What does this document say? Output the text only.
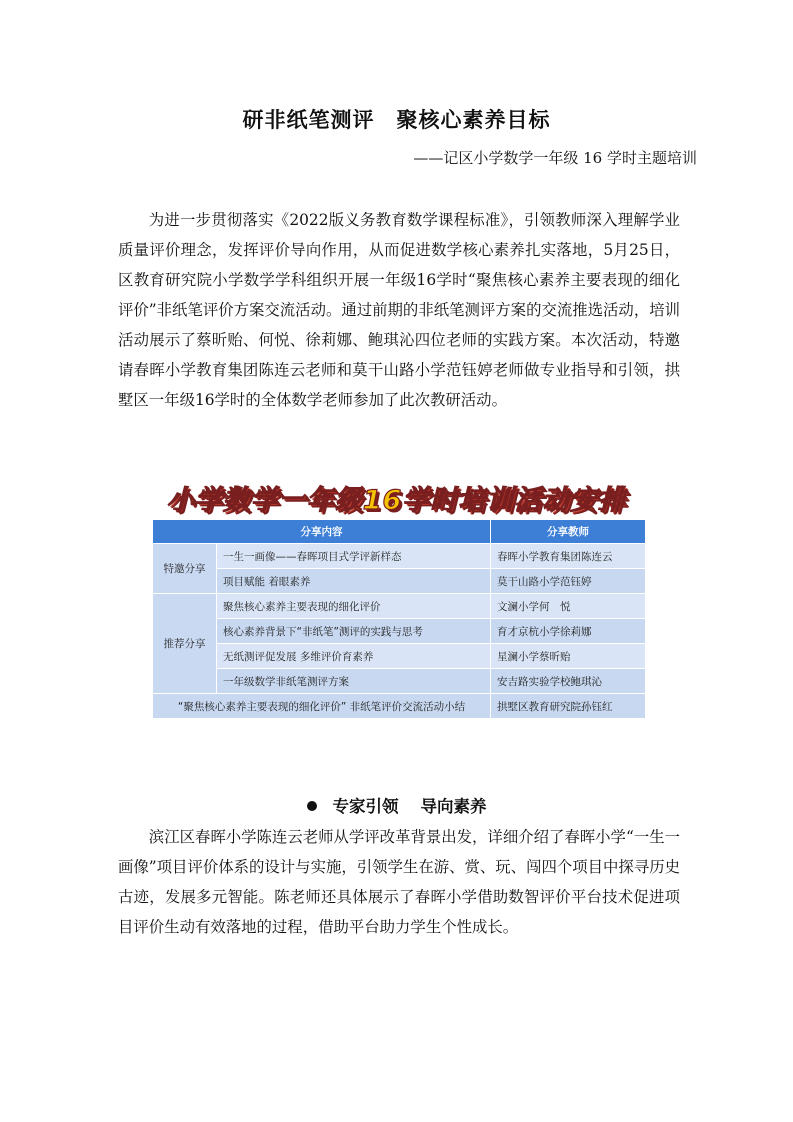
研非纸笔测评　聚核心素养目标
——记区小学数学一年级 16 学时主题培训

为进一步贯彻落实《2022版义务教育数学课程标准》，引领教师深入理解学业质量评价理念，发挥评价导向作用，从而促进数学核心素养扎实落地，5月25日，区教育研究院小学数学学科组织开展一年级16学时“聚焦核心素养主要表现的细化评价”非纸笔评价方案交流活动。通过前期的非纸笔测评方案的交流推选活动，培训活动展示了蔡昕贻、何悦、徐莉娜、鲍琪沁四位老师的实践方案。本次活动，特邀请春晖小学教育集团陈连云老师和莫干山路小学范钰婷老师做专业指导和引领，拱墅区一年级16学时的全体数学老师参加了此次教研活动。

小学数学一年级16学时培训活动安排
分享内容		分享教师
特邀分享	一生一画像——春晖项目式学评新样态	春晖小学教育集团陈连云

	项目赋能 着眼素养	莫干山路小学范钰婷

推荐分享	聚焦核心素养主要表现的细化评价	文澜小学何　悦

	核心素养背景下“非纸笔”测评的实践与思考	育才京杭小学徐莉娜

	无纸测评促发展 多维评价育素养	星澜小学蔡昕贻

	一年级数学非纸笔测评方案	安吉路实验学校鲍琪沁

“聚焦核心素养主要表现的细化评价” 非纸笔评价交流活动小结		拱墅区教育研究院孙钰红
专家引领 导向素养

滨江区春晖小学陈连云老师从学评改革背景出发，详细介绍了春晖小学“一生一画像”项目评价体系的设计与实施，引领学生在游、赏、玩、闯四个项目中探寻历史古迹，发展多元智能。陈老师还具体展示了春晖小学借助数智评价平台技术促进项目评价生动有效落地的过程，借助平台助力学生个性成长。
